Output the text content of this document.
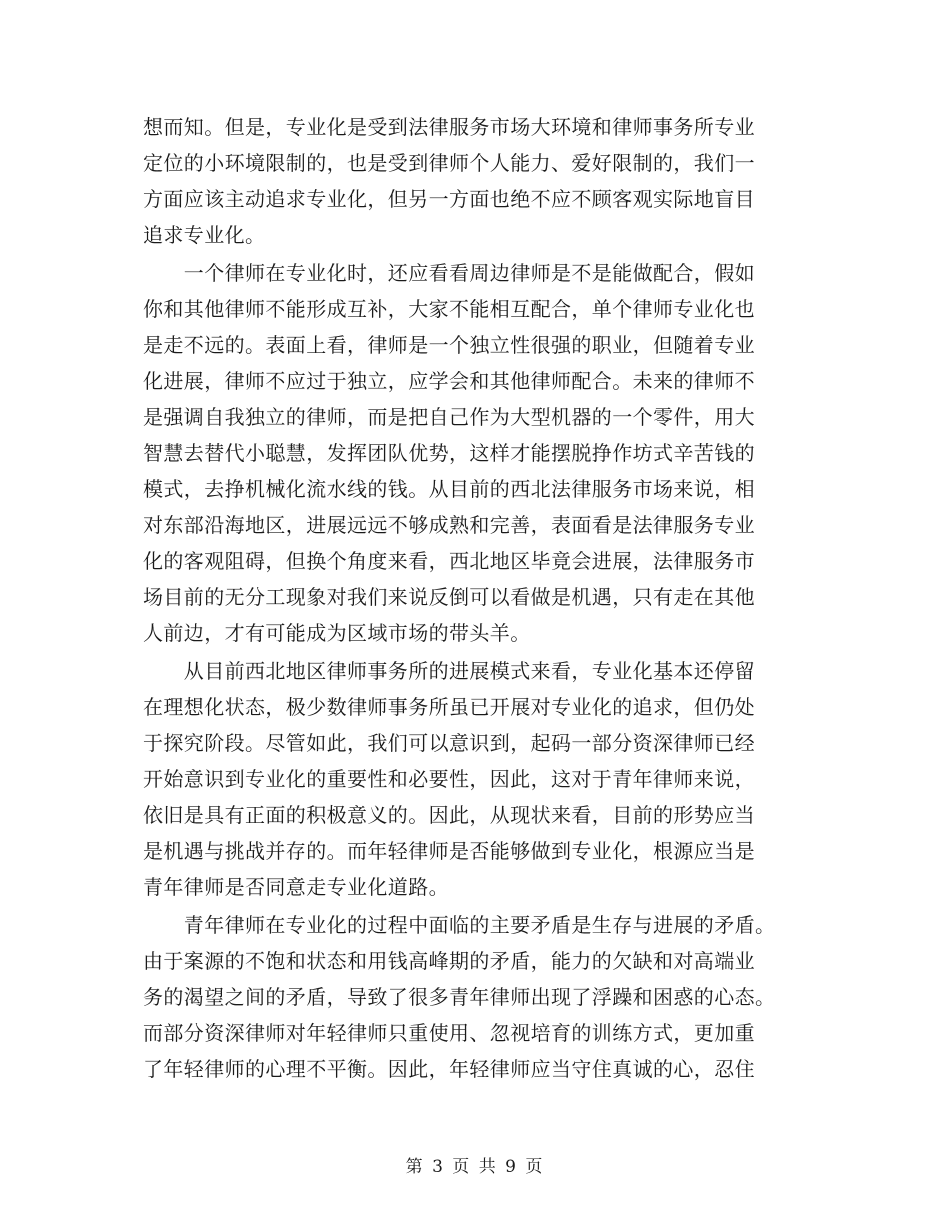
想而知。但是，专业化是受到法律服务市场大环境和律师事务所专业
定位的小环境限制的，也是受到律师个人能力、爱好限制的，我们一
方面应该主动追求专业化，但另一方面也绝不应不顾客观实际地盲目
追求专业化。
　　一个律师在专业化时，还应看看周边律师是不是能做配合，假如
你和其他律师不能形成互补，大家不能相互配合，单个律师专业化也
是走不远的。表面上看，律师是一个独立性很强的职业，但随着专业
化进展，律师不应过于独立，应学会和其他律师配合。未来的律师不
是强调自我独立的律师，而是把自己作为大型机器的一个零件，用大
智慧去替代小聪慧，发挥团队优势，这样才能摆脱挣作坊式辛苦钱的
模式，去挣机械化流水线的钱。从目前的西北法律服务市场来说，相
对东部沿海地区，进展远远不够成熟和完善，表面看是法律服务专业
化的客观阻碍，但换个角度来看，西北地区毕竟会进展，法律服务市
场目前的无分工现象对我们来说反倒可以看做是机遇，只有走在其他
人前边，才有可能成为区域市场的带头羊。
　　从目前西北地区律师事务所的进展模式来看，专业化基本还停留
在理想化状态，极少数律师事务所虽已开展对专业化的追求，但仍处
于探究阶段。尽管如此，我们可以意识到，起码一部分资深律师已经
开始意识到专业化的重要性和必要性，因此，这对于青年律师来说，
依旧是具有正面的积极意义的。因此，从现状来看，目前的形势应当
是机遇与挑战并存的。而年轻律师是否能够做到专业化，根源应当是
青年律师是否同意走专业化道路。
　　青年律师在专业化的过程中面临的主要矛盾是生存与进展的矛盾。
由于案源的不饱和状态和用钱高峰期的矛盾，能力的欠缺和对高端业
务的渴望之间的矛盾，导致了很多青年律师出现了浮躁和困惑的心态。
而部分资深律师对年轻律师只重使用、忽视培育的训练方式，更加重
了年轻律师的心理不平衡。因此，年轻律师应当守住真诚的心，忍住
第 3 页 共 9 页
